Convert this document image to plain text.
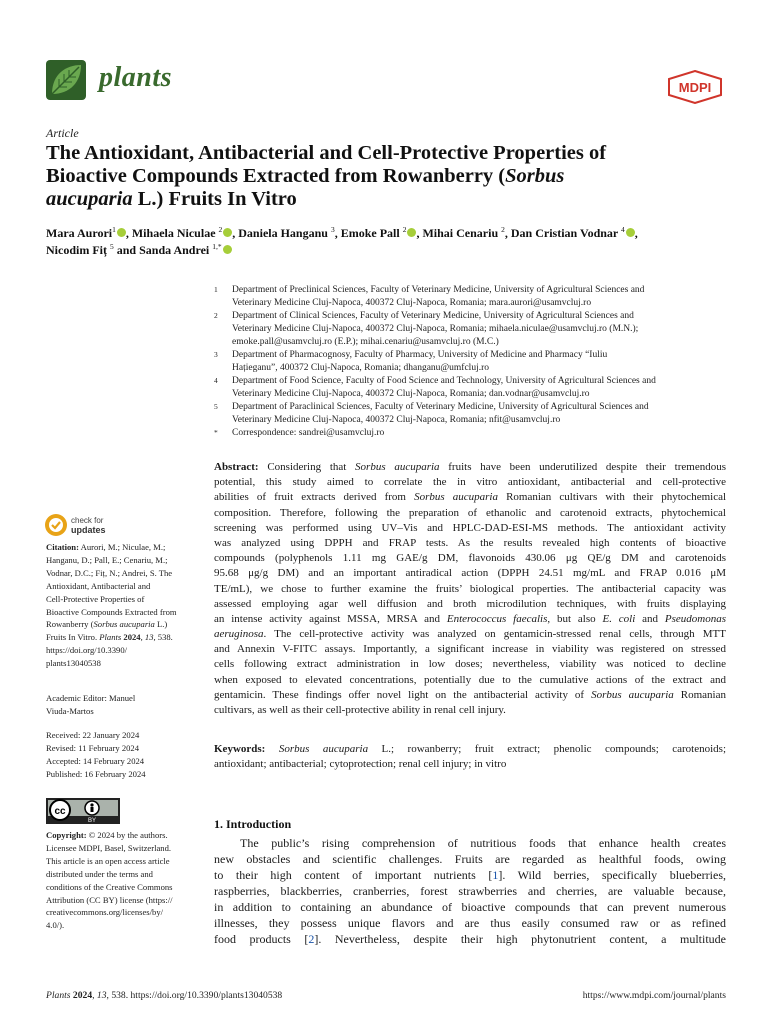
plants	MDPI
Article
The Antioxidant, Antibacterial and Cell-Protective Properties of
Bioactive Compounds Extracted from Rowanberry (Sorbus
aucuparia L.) Fruits In Vitro
Mara Aurori$^1$ , Mihaela Niculae $^2$ , Daniela Hanganu $^3$, Emoke Pall $^2$ , Mihai Cenariu $^2$, Dan Cristian Vodnar $^4$ ,
Nicodim Fiț $^5$ and Sanda Andrei $^{1,*}$
1 Department of Preclinical Sciences, Faculty of Veterinary Medicine, University of Agricultural Sciences and
Veterinary Medicine Cluj-Napoca, 400372 Cluj-Napoca, Romania; mara.aurori@usamvcluj.ro
2 Department of Clinical Sciences, Faculty of Veterinary Medicine, University of Agricultural Sciences and
Veterinary Medicine Cluj-Napoca, 400372 Cluj-Napoca, Romania; mihaela.niculae@usamvcluj.ro (M.N.);
emoke.pall@usamvcluj.ro (E.P.); mihai.cenariu@usamvcluj.ro (M.C.)
3 Department of Pharmacognosy, Faculty of Pharmacy, University of Medicine and Pharmacy “Iuliu
Hațieganu”, 400372 Cluj-Napoca, Romania; dhanganu@umfcluj.ro
4 Department of Food Science, Faculty of Food Science and Technology, University of Agricultural Sciences and
Veterinary Medicine Cluj-Napoca, 400372 Cluj-Napoca, Romania; dan.vodnar@usamvcluj.ro
5 Department of Paraclinical Sciences, Faculty of Veterinary Medicine, University of Agricultural Sciences and
Veterinary Medicine Cluj-Napoca, 400372 Cluj-Napoca, Romania; nfit@usamvcluj.ro
* Correspondence: sandrei@usamvcluj.ro
check for
updates
Citation: Aurori, M.; Niculae, M.;
Hanganu, D.; Pall, E.; Cenariu, M.;
Vodnar, D.C.; Fiț, N.; Andrei, S. The
Antioxidant, Antibacterial and
Cell-Protective Properties of
Bioactive Compounds Extracted from
Rowanberry (Sorbus aucuparia L.)
Fruits In Vitro. Plants 2024, 13, 538.
https://doi.org/10.3390/
plants13040538
Academic Editor: Manuel
Viuda-Martos
Received: 22 January 2024
Revised: 11 February 2024
Accepted: 14 February 2024
Published: 16 February 2024
cc
BY
Copyright: © 2024 by the authors.
Licensee MDPI, Basel, Switzerland.
This article is an open access article
distributed under the terms and
conditions of the Creative Commons
Attribution (CC BY) license (https://
creativecommons.org/licenses/by/
4.0/).
Abstract: Considering that Sorbus aucuparia fruits have been underutilized despite their tremendous
potential, this study aimed to correlate the in vitro antioxidant, antibacterial and cell-protective
abilities of fruit extracts derived from Sorbus aucuparia Romanian cultivars with their phytochemical
composition. Therefore, following the preparation of ethanolic and carotenoid extracts, phytochemical
screening was performed using UV–Vis and HPLC-DAD-ESI-MS methods. The antioxidant activity
was analyzed using DPPH and FRAP tests. As the results revealed high contents of bioactive
compounds (polyphenols 1.11 mg GAE/g DM, flavonoids 430.06 μg QE/g DM and carotenoids
95.68 μg/g DM) and an important antiradical action (DPPH 24.51 mg/mL and FRAP 0.016 μM
TE/mL), we chose to further examine the fruits’ biological properties. The antibacterial capacity was
assessed employing agar well diffusion and broth microdilution techniques, with fruits displaying
an intense activity against MSSA, MRSA and Enterococcus faecalis, but also E. coli and Pseudomonas
aeruginosa. The cell-protective activity was analyzed on gentamicin-stressed renal cells, through MTT
and Annexin V-FITC assays. Importantly, a significant increase in viability was registered on stressed
cells following extract administration in low doses; nevertheless, viability was noticed to decline
when exposed to elevated concentrations, potentially due to the cumulative actions of the extract and
gentamicin. These findings offer novel light on the antibacterial activity of Sorbus aucuparia Romanian
cultivars, as well as their cell-protective ability in renal cell injury.
Keywords: Sorbus aucuparia L.; rowanberry; fruit extract; phenolic compounds; carotenoids;
antioxidant; antibacterial; cytoprotection; renal cell injury; in vitro
1. Introduction
The public’s rising comprehension of nutritious foods that enhance health creates
new obstacles and scientific challenges. Fruits are regarded as healthful foods, owing
to their high content of important nutrients [1]. Wild berries, specifically blueberries,
raspberries, blackberries, cranberries, forest strawberries and cherries, are valuable because,
in addition to containing an abundance of bioactive compounds that can prevent numerous
illnesses, they possess unique flavors and are thus easily consumed raw or as refined
food products [2]. Nevertheless, despite their high phytonutrient content, a multitude
Plants 2024, 13, 538. https://doi.org/10.3390/plants13040538	https://www.mdpi.com/journal/plants
